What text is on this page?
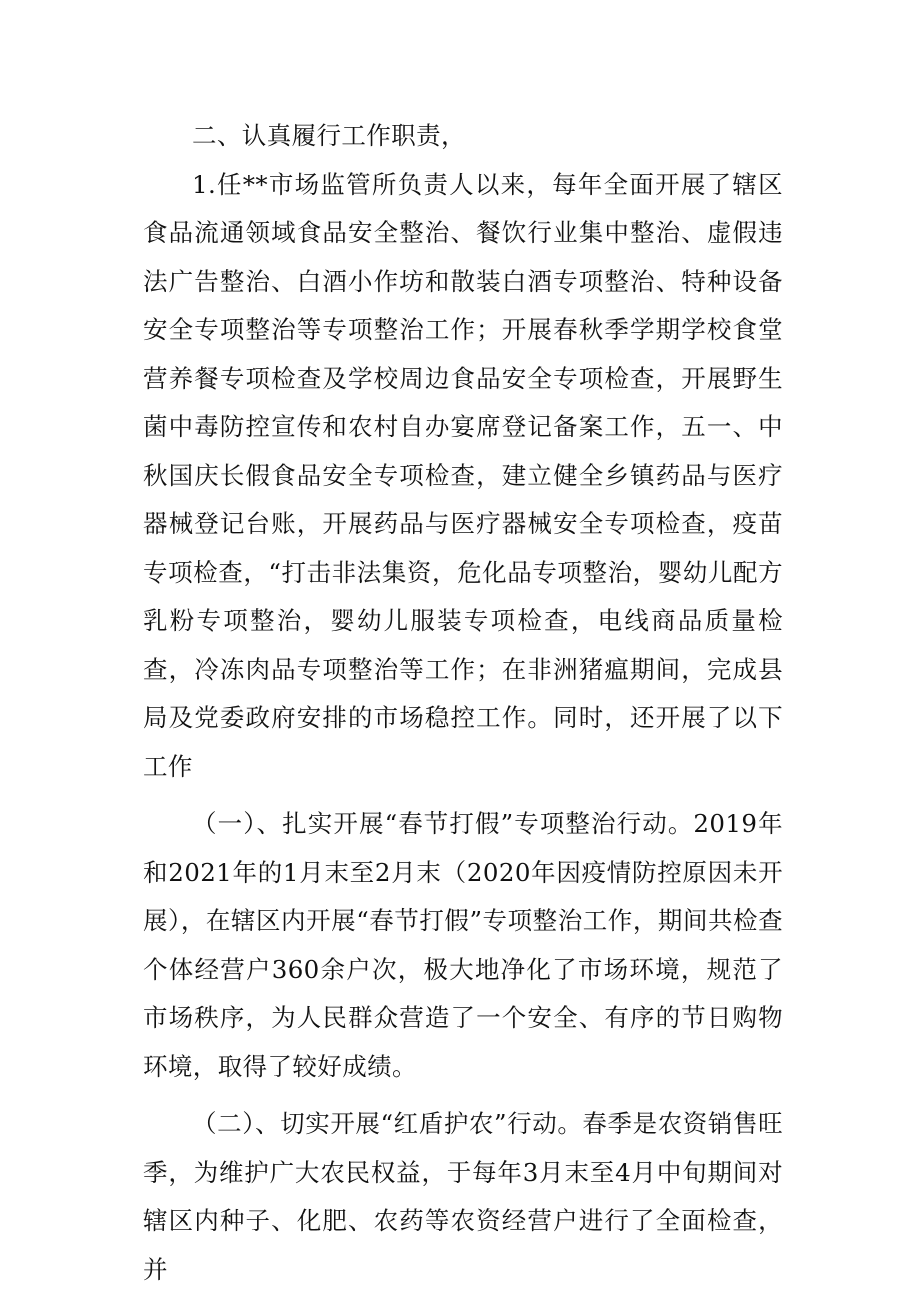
二、认真履行工作职责，

1.任**市场监管所负责人以来，每年全面开展了辖区食品流通领域食品安全整治、餐饮行业集中整治、虚假违法广告整治、白酒小作坊和散装白酒专项整治、特种设备安全专项整治等专项整治工作；开展春秋季学期学校食堂营养餐专项检查及学校周边食品安全专项检查，开展野生菌中毒防控宣传和农村自办宴席登记备案工作，五一、中秋国庆长假食品安全专项检查，建立健全乡镇药品与医疗器械登记台账，开展药品与医疗器械安全专项检查，疫苗专项检查，“打击非法集资，危化品专项整治，婴幼儿配方乳粉专项整治，婴幼儿服装专项检查，电线商品质量检查，冷冻肉品专项整治等工作；在非洲猪瘟期间，完成县局及党委政府安排的市场稳控工作。同时，还开展了以下工作

（一）、扎实开展“春节打假”专项整治行动。2019年和2021年的1月末至2月末（2020年因疫情防控原因未开展），在辖区内开展“春节打假”专项整治工作，期间共检查个体经营户360余户次，极大地净化了市场环境，规范了市场秩序，为人民群众营造了一个安全、有序的节日购物环境，取得了较好成绩。

（二）、切实开展“红盾护农”行动。春季是农资销售旺季，为维护广大农民权益，于每年3月末至4月中旬期间对辖区内种子、化肥、农药等农资经营户进行了全面检查，并
